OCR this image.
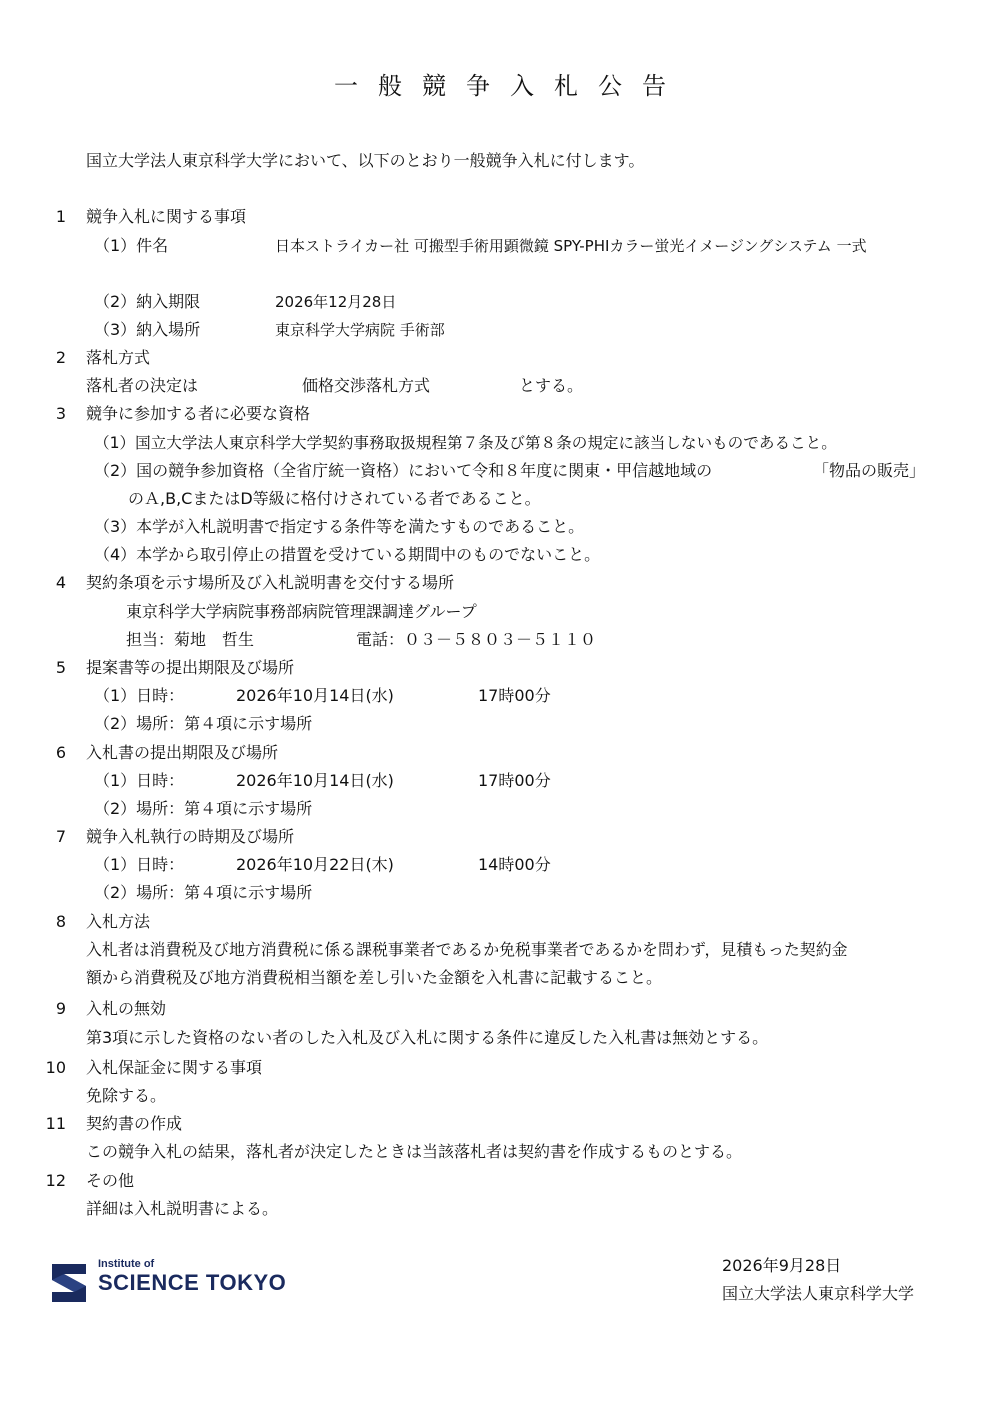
一般競争入札公告
国立大学法人東京科学大学において、以下のとおり一般競争入札に付します。
1 競争入札に関する事項
（1）件名	日本ストライカー社 可搬型手術用顕微鏡 SPY-PHIカラー蛍光イメージングシステム 一式
（2）納入期限	2026年12月28日
（3）納入場所	東京科学大学病院 手術部
2 落札方式
落札者の決定は	価格交渉落札方式	とする。
3 競争に参加する者に必要な資格
（1）国立大学法人東京科学大学契約事務取扱規程第７条及び第８条の規定に該当しないものであること。
（2）国の競争参加資格（全省庁統一資格）において令和８年度に関東・甲信越地域の	「物品の販売」
のＡ,B,CまたはD等級に格付けされている者であること。
（3）本学が入札説明書で指定する条件等を満たすものであること。
（4）本学から取引停止の措置を受けている期間中のものでないこと。
4 契約条項を示す場所及び入札説明書を交付する場所
東京科学大学病院事務部病院管理課調達グループ
担当：菊地　哲生	電話：０３－５８０３－５１１０
5 提案書等の提出期限及び場所
（1）日時：	2026年10月14日(水)	17時00分
（2）場所：第４項に示す場所
6 入札書の提出期限及び場所
（1）日時：	2026年10月14日(水)	17時00分
（2）場所：第４項に示す場所
7 競争入札執行の時期及び場所
（1）日時：	2026年10月22日(木)	14時00分
（2）場所：第４項に示す場所
8 入札方法
入札者は消費税及び地方消費税に係る課税事業者であるか免税事業者であるかを問わず，見積もった契約金
額から消費税及び地方消費税相当額を差し引いた金額を入札書に記載すること。
9 入札の無効
第3項に示した資格のない者のした入札及び入札に関する条件に違反した入札書は無効とする。
10 入札保証金に関する事項
免除する。
11 契約書の作成
この競争入札の結果，落札者が決定したときは当該落札者は契約書を作成するものとする。
12 その他
詳細は入札説明書による。
Institute of
SCIENCE TOKYO
2026年9月28日
国立大学法人東京科学大学
